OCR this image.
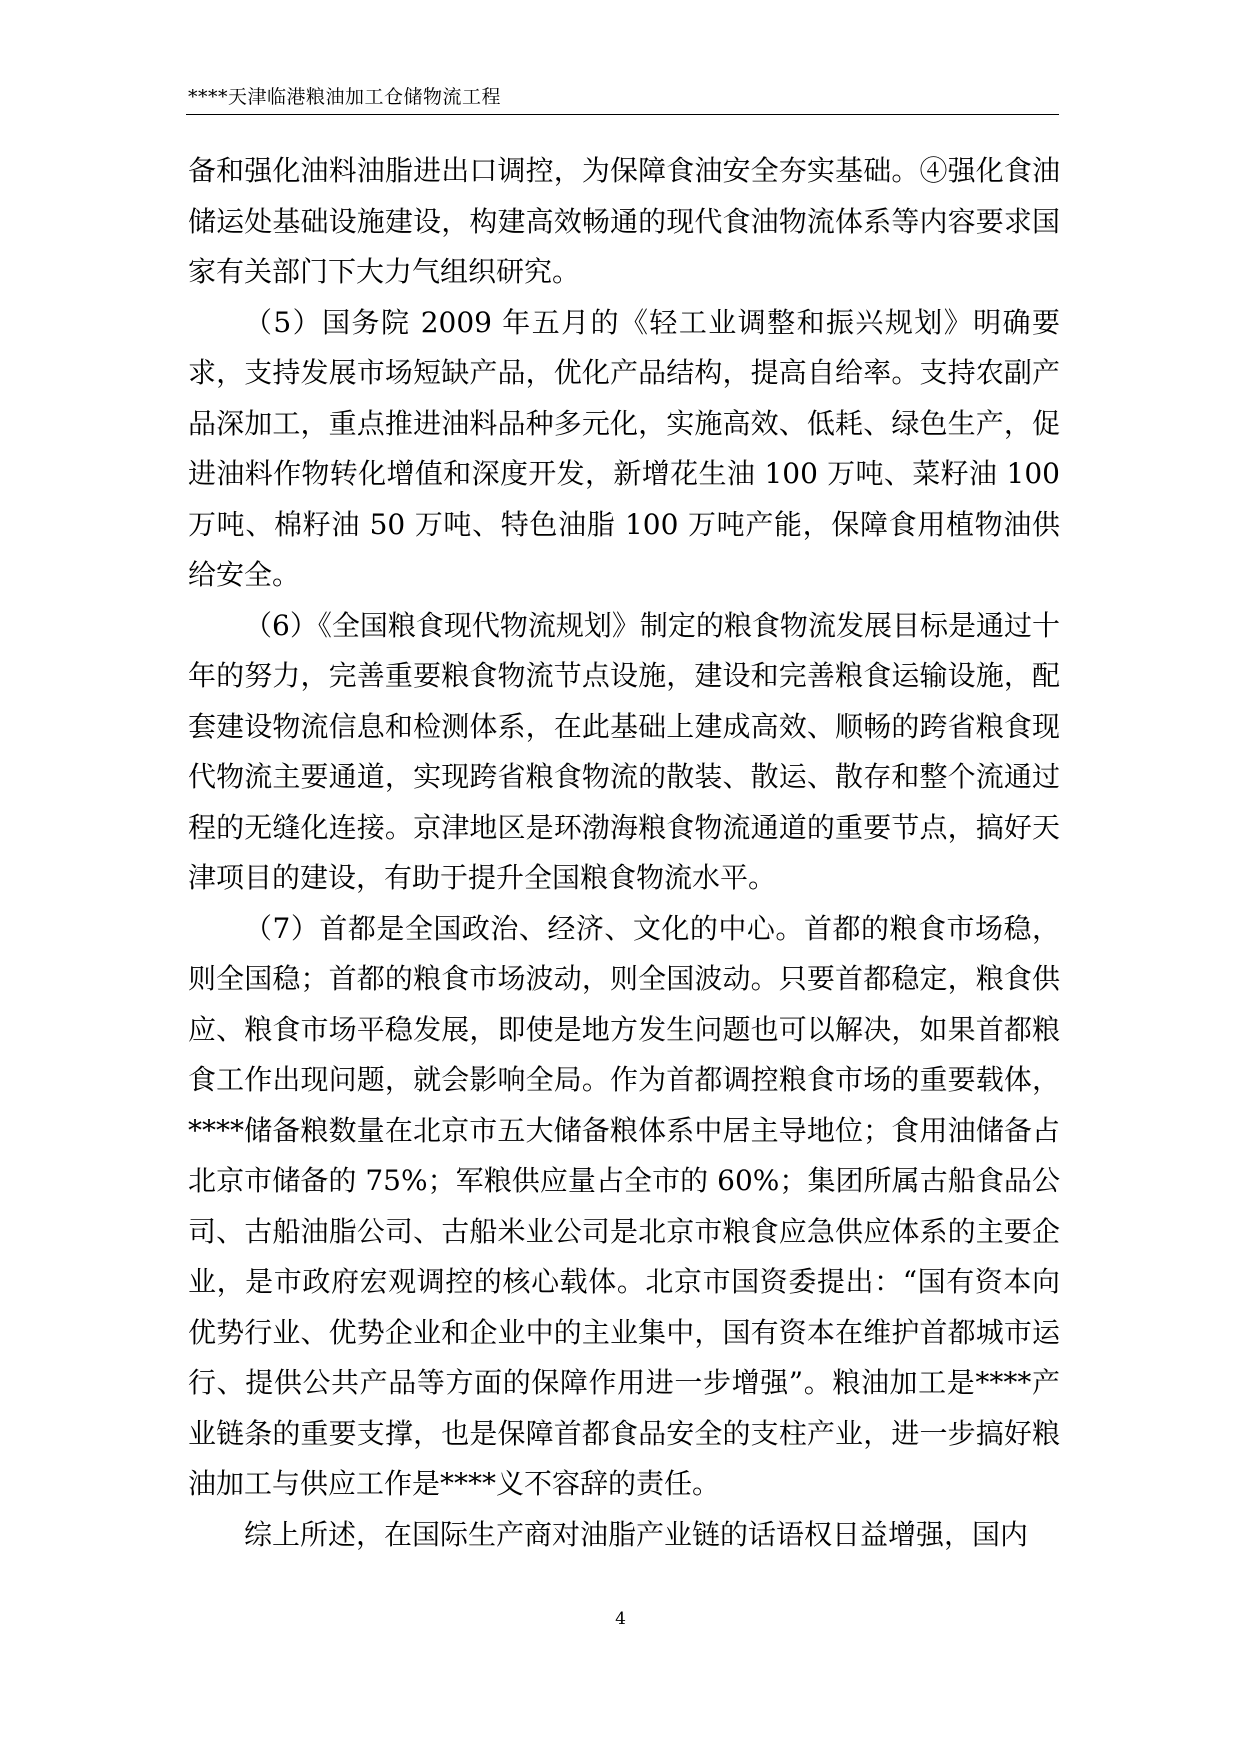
****天津临港粮油加工仓储物流工程

备和强化油料油脂进出口调控，为保障食油安全夯实基础。④强化食油储运处基础设施建设，构建高效畅通的现代食油物流体系等内容要求国家有关部门下大力气组织研究。

（5）国务院 2009 年五月的《轻工业调整和振兴规划》明确要求，支持发展市场短缺产品，优化产品结构，提高自给率。支持农副产品深加工，重点推进油料品种多元化，实施高效、低耗、绿色生产，促进油料作物转化增值和深度开发，新增花生油 100 万吨、菜籽油 100 万吨、棉籽油 50 万吨、特色油脂 100 万吨产能，保障食用植物油供给安全。

（6）《全国粮食现代物流规划》制定的粮食物流发展目标是通过十年的努力，完善重要粮食物流节点设施，建设和完善粮食运输设施，配套建设物流信息和检测体系，在此基础上建成高效、顺畅的跨省粮食现代物流主要通道，实现跨省粮食物流的散装、散运、散存和整个流通过程的无缝化连接。京津地区是环渤海粮食物流通道的重要节点，搞好天津项目的建设，有助于提升全国粮食物流水平。

（7）首都是全国政治、经济、文化的中心。首都的粮食市场稳，则全国稳；首都的粮食市场波动，则全国波动。只要首都稳定，粮食供应、粮食市场平稳发展，即使是地方发生问题也可以解决，如果首都粮食工作出现问题，就会影响全局。作为首都调控粮食市场的重要载体，****储备粮数量在北京市五大储备粮体系中居主导地位；食用油储备占北京市储备的 75%；军粮供应量占全市的 60%；集团所属古船食品公司、古船油脂公司、古船米业公司是北京市粮食应急供应体系的主要企业，是市政府宏观调控的核心载体。北京市国资委提出：“国有资本向优势行业、优势企业和企业中的主业集中，国有资本在维护首都城市运行、提供公共产品等方面的保障作用进一步增强”。粮油加工是****产业链条的重要支撑，也是保障首都食品安全的支柱产业，进一步搞好粮油加工与供应工作是****义不容辞的责任。

综上所述，在国际生产商对油脂产业链的话语权日益增强，国内

4
